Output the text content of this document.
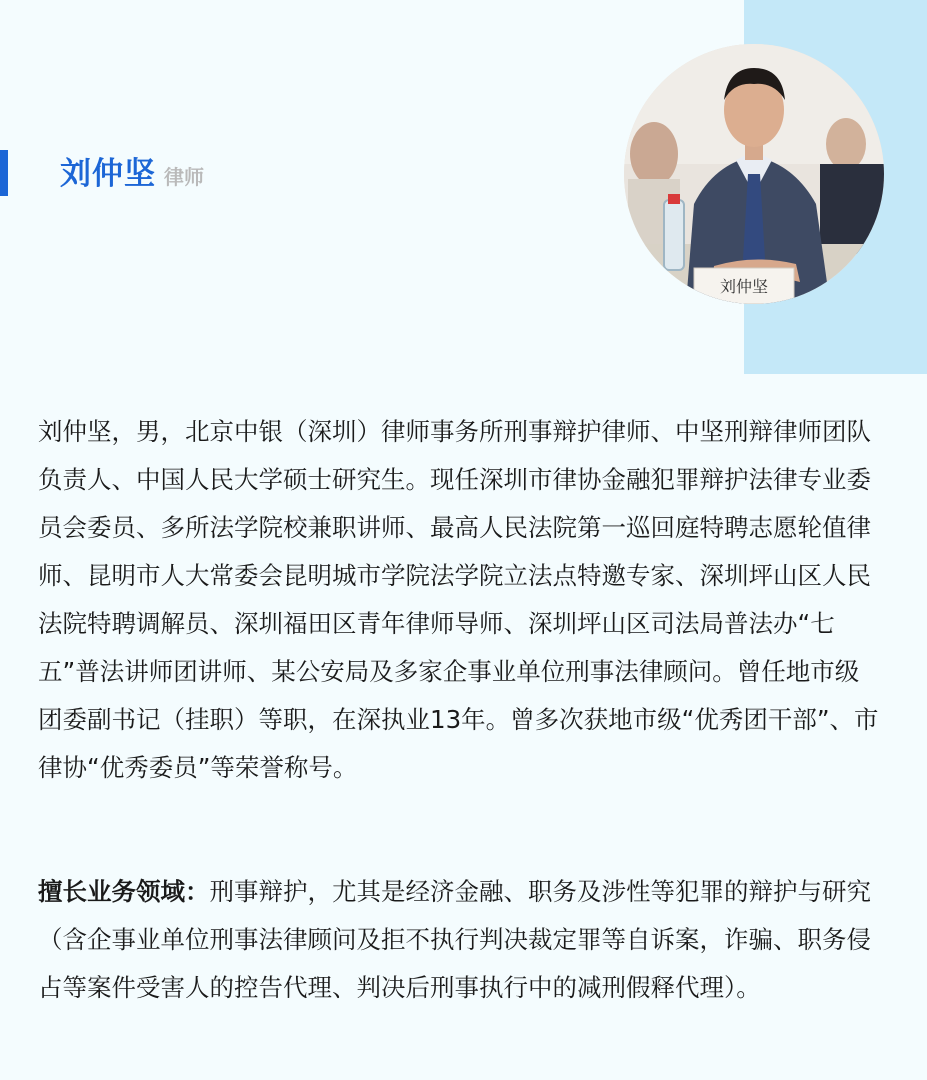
刘仲坚 律师
刘仲坚

刘仲坚，男，北京中银（深圳）律师事务所刑事辩护律师、中坚刑辩律师团队负责人、中国人民大学硕士研究生。现任深圳市律协金融犯罪辩护法律专业委员会委员、多所法学院校兼职讲师、最高人民法院第一巡回庭特聘志愿轮值律师、昆明市人大常委会昆明城市学院法学院立法点特邀专家、深圳坪山区人民法院特聘调解员、深圳福田区青年律师导师、深圳坪山区司法局普法办“七五”普法讲师团讲师、某公安局及多家企事业单位刑事法律顾问。曾任地市级团委副书记（挂职）等职，在深执业13年。曾多次获地市级“优秀团干部”、市律协“优秀委员”等荣誉称号。

擅长业务领域：刑事辩护，尤其是经济金融、职务及涉性等犯罪的辩护与研究（含企事业单位刑事法律顾问及拒不执行判决裁定罪等自诉案，诈骗、职务侵占等案件受害人的控告代理、判决后刑事执行中的减刑假释代理）。
